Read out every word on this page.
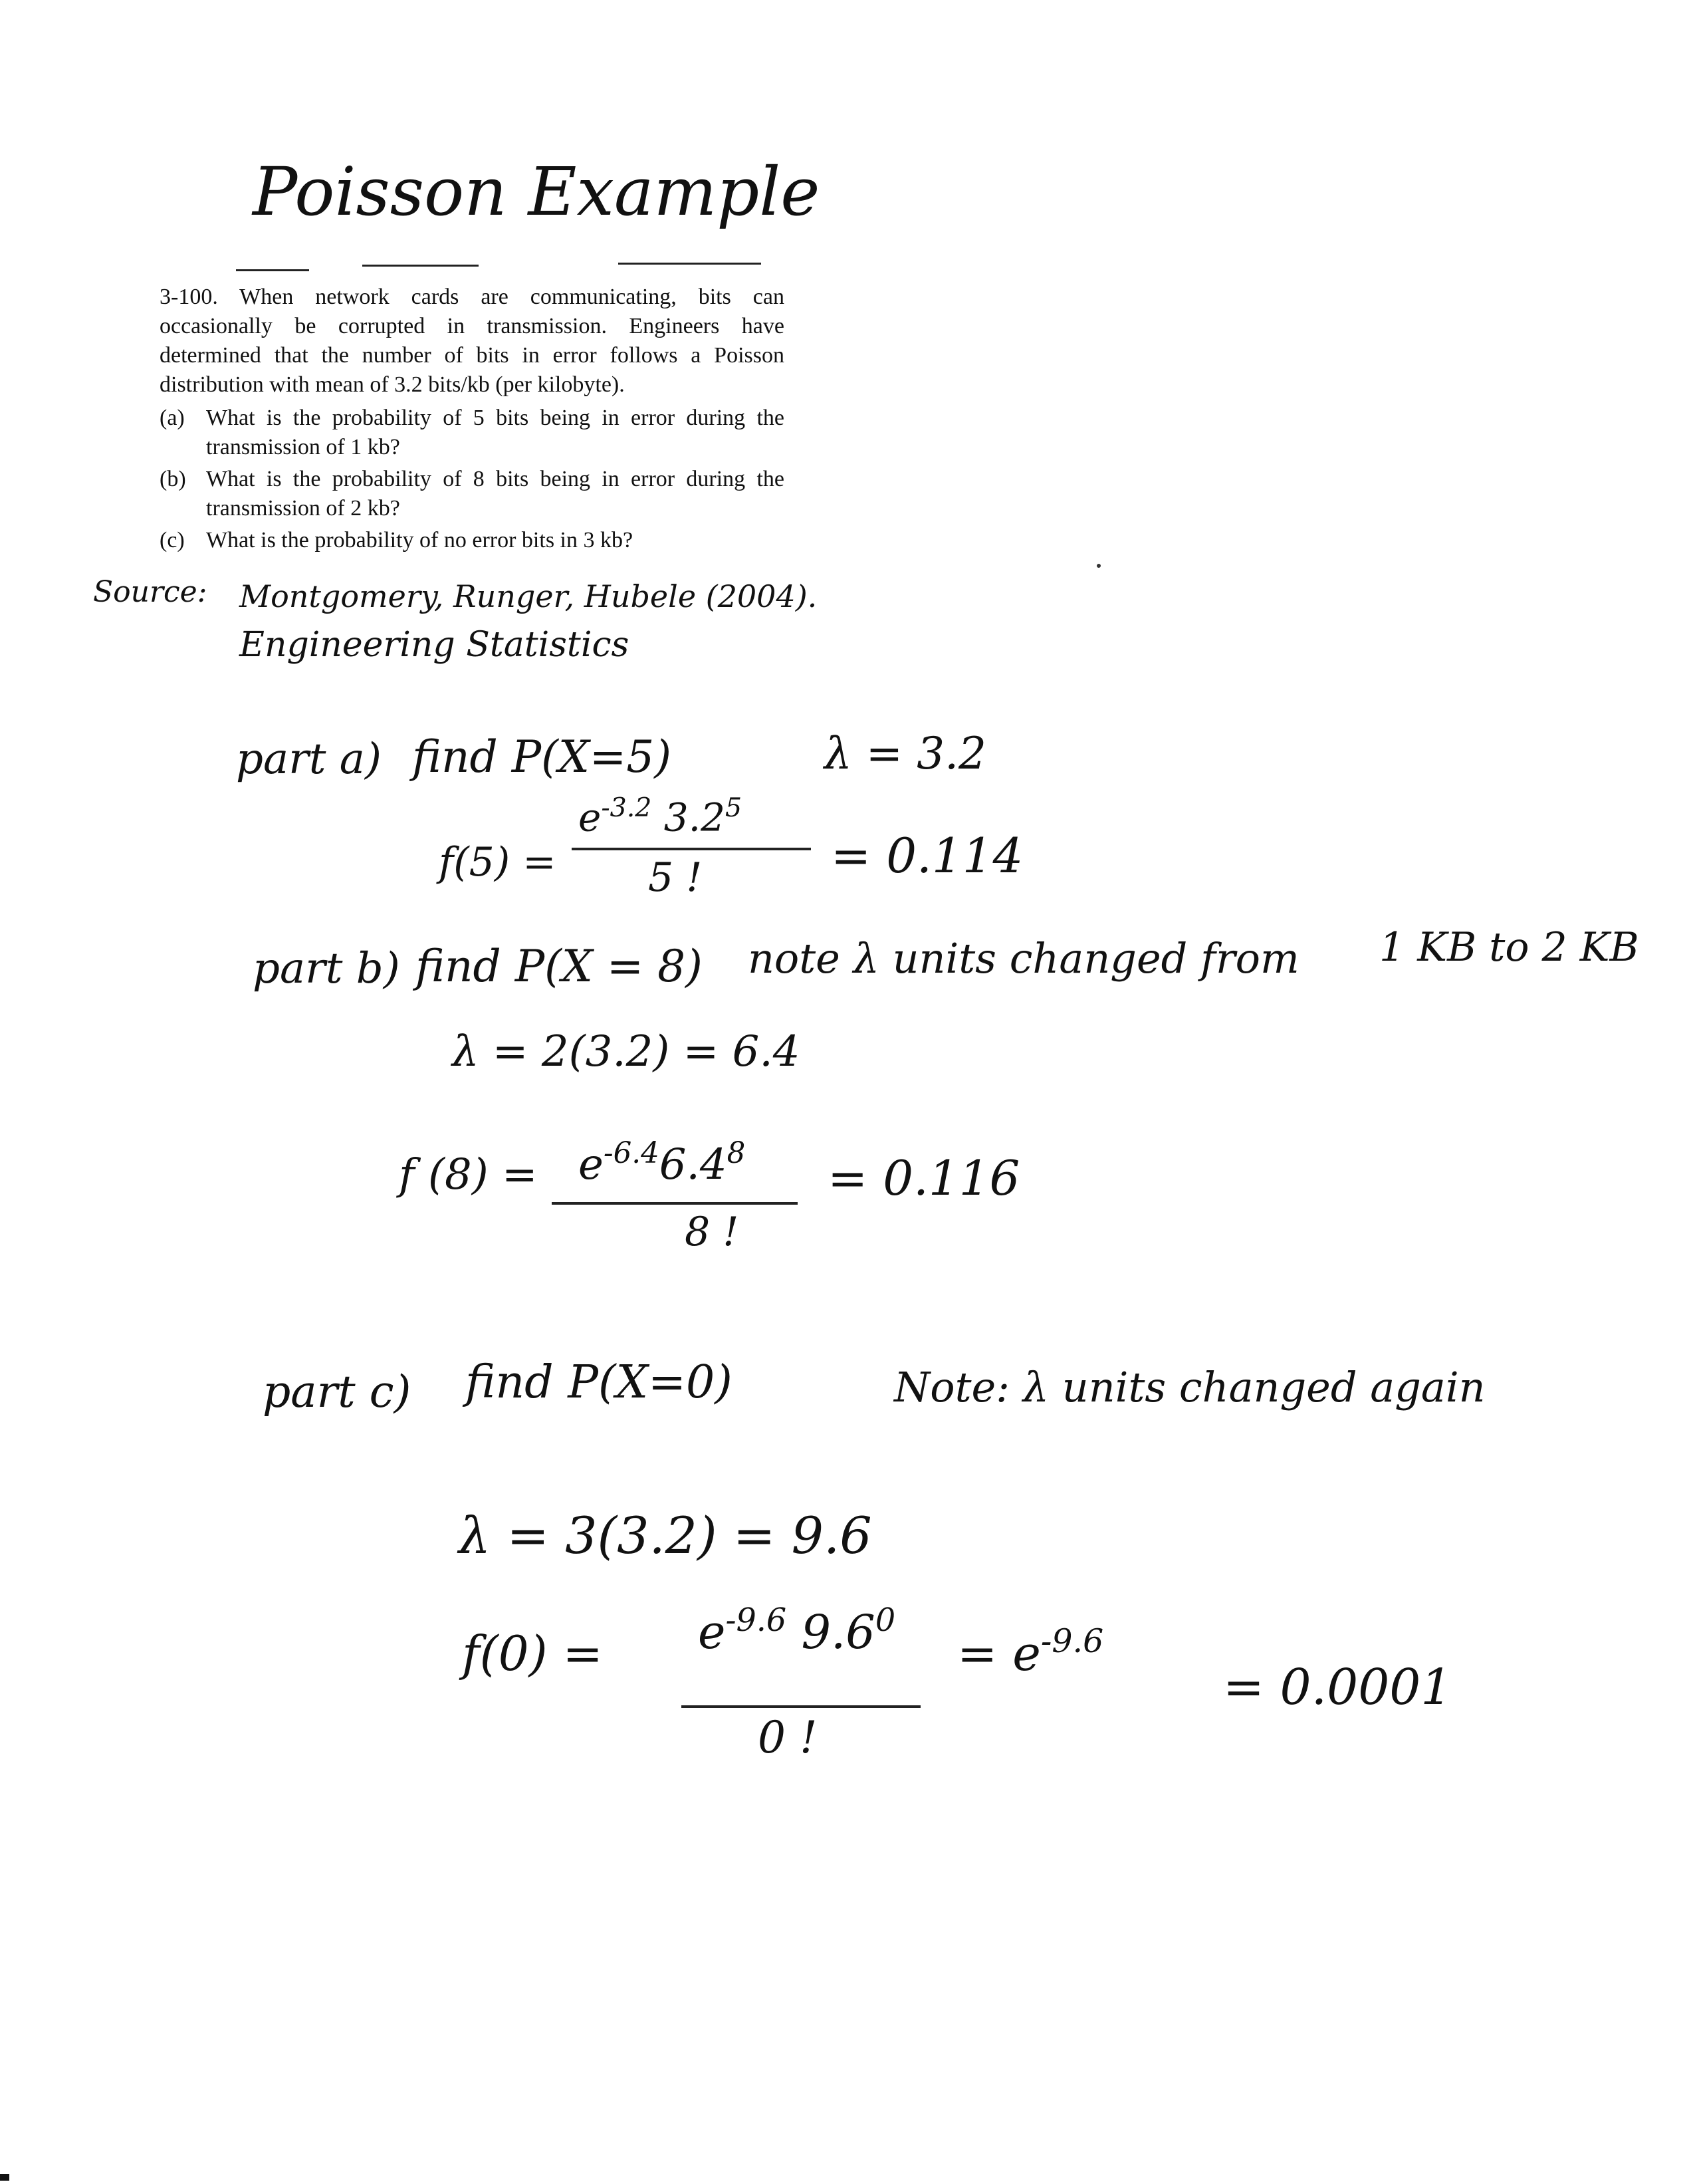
Poisson Example

3-100. When network cards are communicating, bits can occasionally be corrupted in transmission. Engineers have determined that the number of bits in error follows a Poisson distribution with mean of 3.2 bits/kb (per kilobyte).

(a) What is the probability of 5 bits being in error during the transmission of 1 kb?
(b) What is the probability of 8 bits being in error during the transmission of 2 kb?
(c) What is the probability of no error bits in 3 kb?
Source: Montgomery, Runger, Hubele (2004).
Engineering Statistics
part a) find P(X=5)	λ = 3.2
f(5) =
$e^{-3.2}$ $3.2^5$
5 !	= 0.114
part b) find P(X = 8) note λ units changed from 1 KB to 2 KB
λ = 2(3.2) = 6.4
f $(8) = e^{-6.4}6.4^8$
8 !
= 0.116
part c) find P(X=0)	Note: λ units changed again
λ = 3(3.2) = 9.6
$f(0) = e^{-9.6}$ $9.6^0$
0 !
= $e^{-9.6}$
= 0.0001
